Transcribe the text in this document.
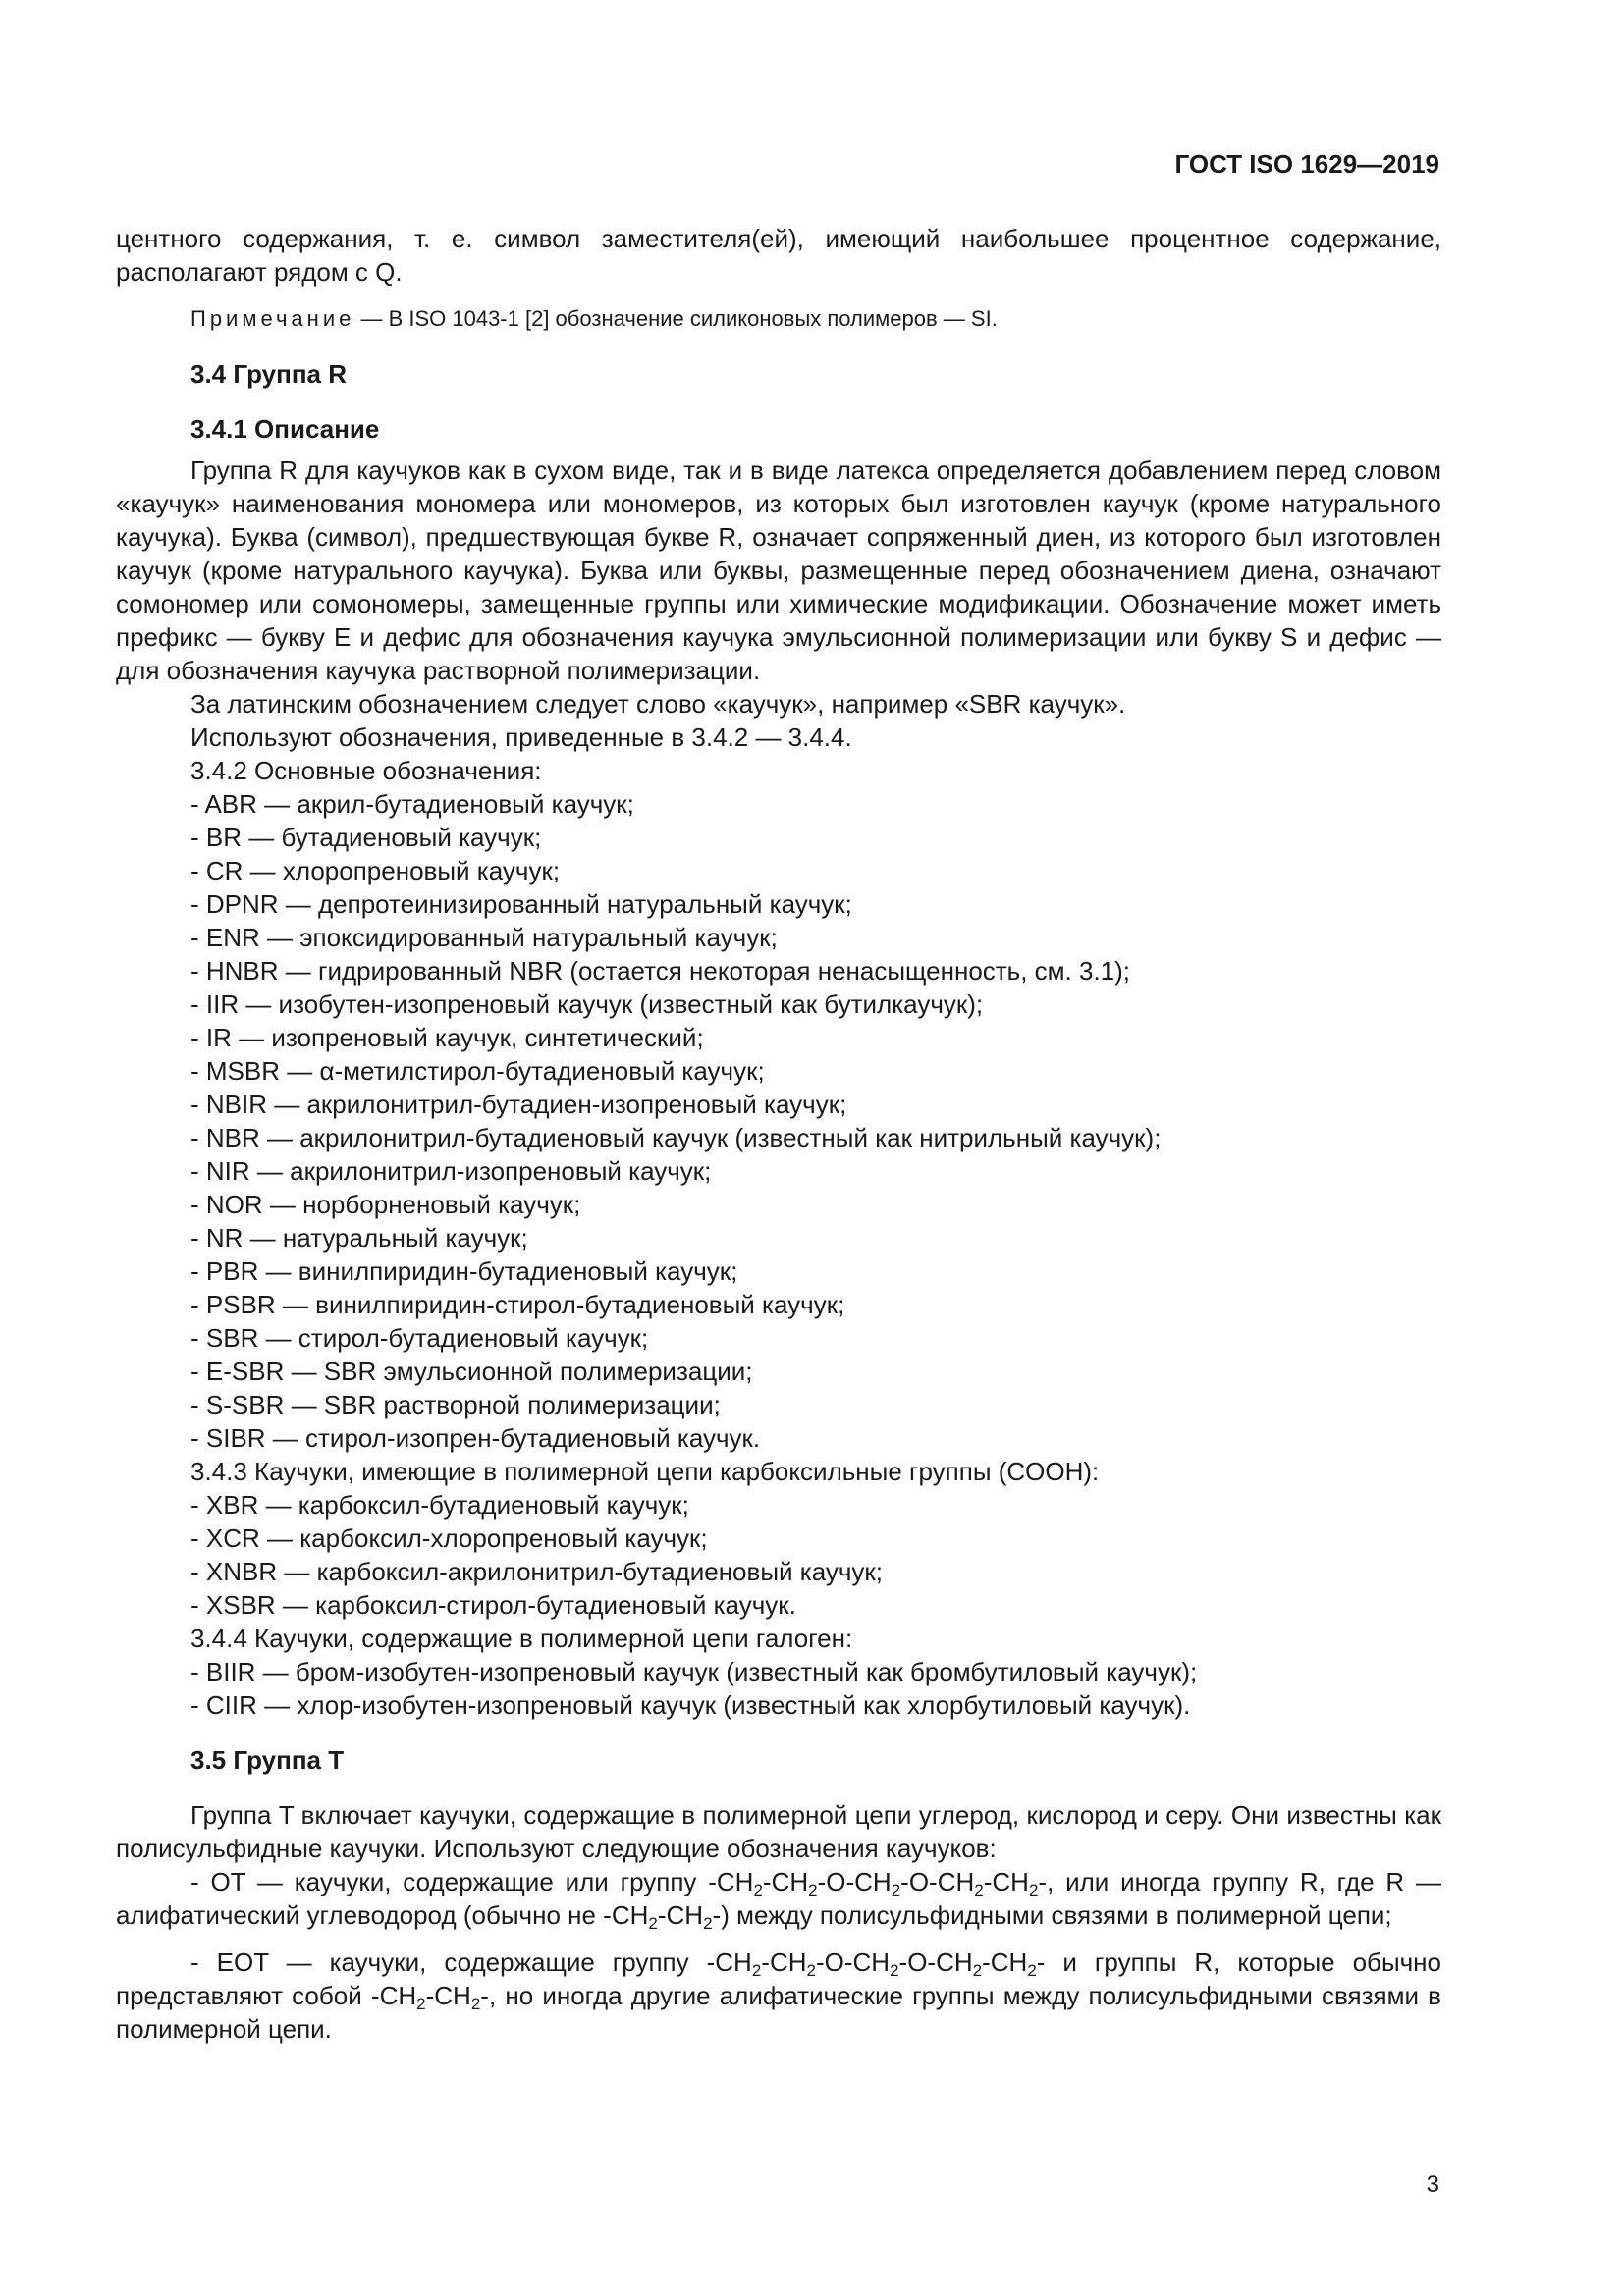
ГОСТ ISO 1629—2019

центного содержания, т. е. символ заместителя(ей), имеющий наибольшее процентное содержание, располагают рядом с Q.

Примечание — В ISO 1043-1 [2] обозначение силиконовых полимеров — SI.

3.4 Группа R
3.4.1 Описание

Группа R для каучуков как в сухом виде, так и в виде латекса определяется добавлением перед словом «каучук» наименования мономера или мономеров, из которых был изготовлен каучук (кроме натурального каучука). Буква (символ), предшествующая букве R, означает сопряженный диен, из которого был изготовлен каучук (кроме натурального каучука). Буква или буквы, размещенные перед обозначением диена, означают сомономер или сомономеры, замещенные группы или химические модификации. Обозначение может иметь префикс — букву E и дефис для обозначения каучука эмульсионной полимеризации или букву S и дефис — для обозначения каучука растворной полимеризации.

За латинским обозначением следует слово «каучук», например «SBR каучук».

Используют обозначения, приведенные в 3.4.2 — 3.4.4.

3.4.2 Основные обозначения:

- ABR — акрил-бутадиеновый каучук;
- BR — бутадиеновый каучук;
- CR — хлоропреновый каучук;
- DPNR — депротеинизированный натуральный каучук;
- ENR — эпоксидированный натуральный каучук;
- HNBR — гидрированный NBR (остается некоторая ненасыщенность, см. 3.1);
- IIR — изобутен-изопреновый каучук (известный как бутилкаучук);
- IR — изопреновый каучук, синтетический;
- MSBR — α-метилстирол-бутадиеновый каучук;
- NBIR — акрилонитрил-бутадиен-изопреновый каучук;
- NBR — акрилонитрил-бутадиеновый каучук (известный как нитрильный каучук);
- NIR — акрилонитрил-изопреновый каучук;
- NOR — норборненовый каучук;
- NR — натуральный каучук;
- PBR — винилпиридин-бутадиеновый каучук;
- PSBR — винилпиридин-стирол-бутадиеновый каучук;
- SBR — стирол-бутадиеновый каучук;
- E-SBR — SBR эмульсионной полимеризации;
- S-SBR — SBR растворной полимеризации;
- SIBR — стирол-изопрен-бутадиеновый каучук.

3.4.3 Каучуки, имеющие в полимерной цепи карбоксильные группы (COOH):

- XBR — карбоксил-бутадиеновый каучук;
- XCR — карбоксил-хлоропреновый каучук;
- XNBR — карбоксил-акрилонитрил-бутадиеновый каучук;
- XSBR — карбоксил-стирол-бутадиеновый каучук.

3.4.4 Каучуки, содержащие в полимерной цепи галоген:

- BIIR — бром-изобутен-изопреновый каучук (известный как бромбутиловый каучук);
- CIIR — хлор-изобутен-изопреновый каучук (известный как хлорбутиловый каучук).
3.5 Группа T

Группа T включает каучуки, содержащие в полимерной цепи углерод, кислород и серу. Они известны как полисульфидные каучуки. Используют следующие обозначения каучуков:

- OT — каучуки, содержащие или группу $-CH_2-CH_2-O-CH_2-O-CH_2-CH_2-$, или иногда группу R, где R — алифатический углеводород (обычно не $-CH_2-CH_2-$) между полисульфидными связями в полимерной цепи;

- EOT — каучуки, содержащие группу $-CH_2-CH_2-O-CH_2-O-CH_2-CH_2-$ и группы R, которые обычно представляют собой $-CH_2-CH_2-$, но иногда другие алифатические группы между полисульфидными связями в полимерной цепи.

3
